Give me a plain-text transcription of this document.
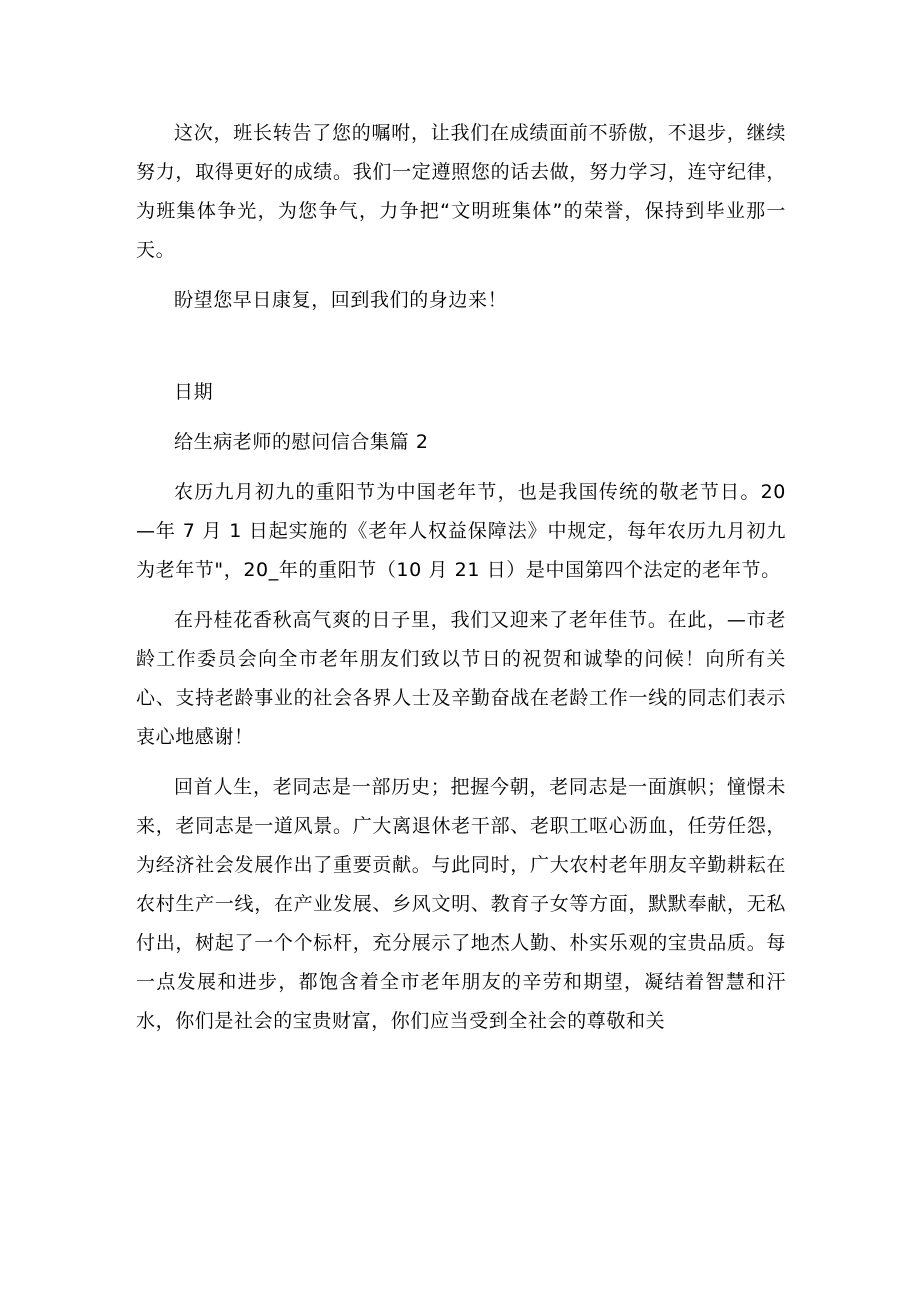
这次，班长转告了您的嘱咐，让我们在成绩面前不骄傲，不退步，继续努力，取得更好的成绩。我们一定遵照您的话去做，努力学习，连守纪律，为班集体争光，为您争气，力争把“文明班集体”的荣誉，保持到毕业那一天。

盼望您早日康复，回到我们的身边来！

日期

给生病老师的慰问信合集篇 2

农历九月初九的重阳节为中国老年节，也是我国传统的敬老节日。20—年 7 月 1 日起实施的《老年人权益保障法》中规定，每年农历九月初九为老年节"，20_年的重阳节（10 月 21 日）是中国第四个法定的老年节。

在丹桂花香秋高气爽的日子里，我们又迎来了老年佳节。在此，—市老龄工作委员会向全市老年朋友们致以节日的祝贺和诚挚的问候！向所有关心、支持老龄事业的社会各界人士及辛勤奋战在老龄工作一线的同志们表示衷心地感谢！

回首人生，老同志是一部历史；把握今朝，老同志是一面旗帜；憧憬未来，老同志是一道风景。广大离退休老干部、老职工呕心沥血，任劳任怨，为经济社会发展作出了重要贡献。与此同时，广大农村老年朋友辛勤耕耘在农村生产一线，在产业发展、乡风文明、教育子女等方面，默默奉献，无私付出，树起了一个个标杆，充分展示了地杰人勤、朴实乐观的宝贵品质。每一点发展和进步，都饱含着全市老年朋友的辛劳和期望，凝结着智慧和汗水，你们是社会的宝贵财富，你们应当受到全社会的尊敬和关
